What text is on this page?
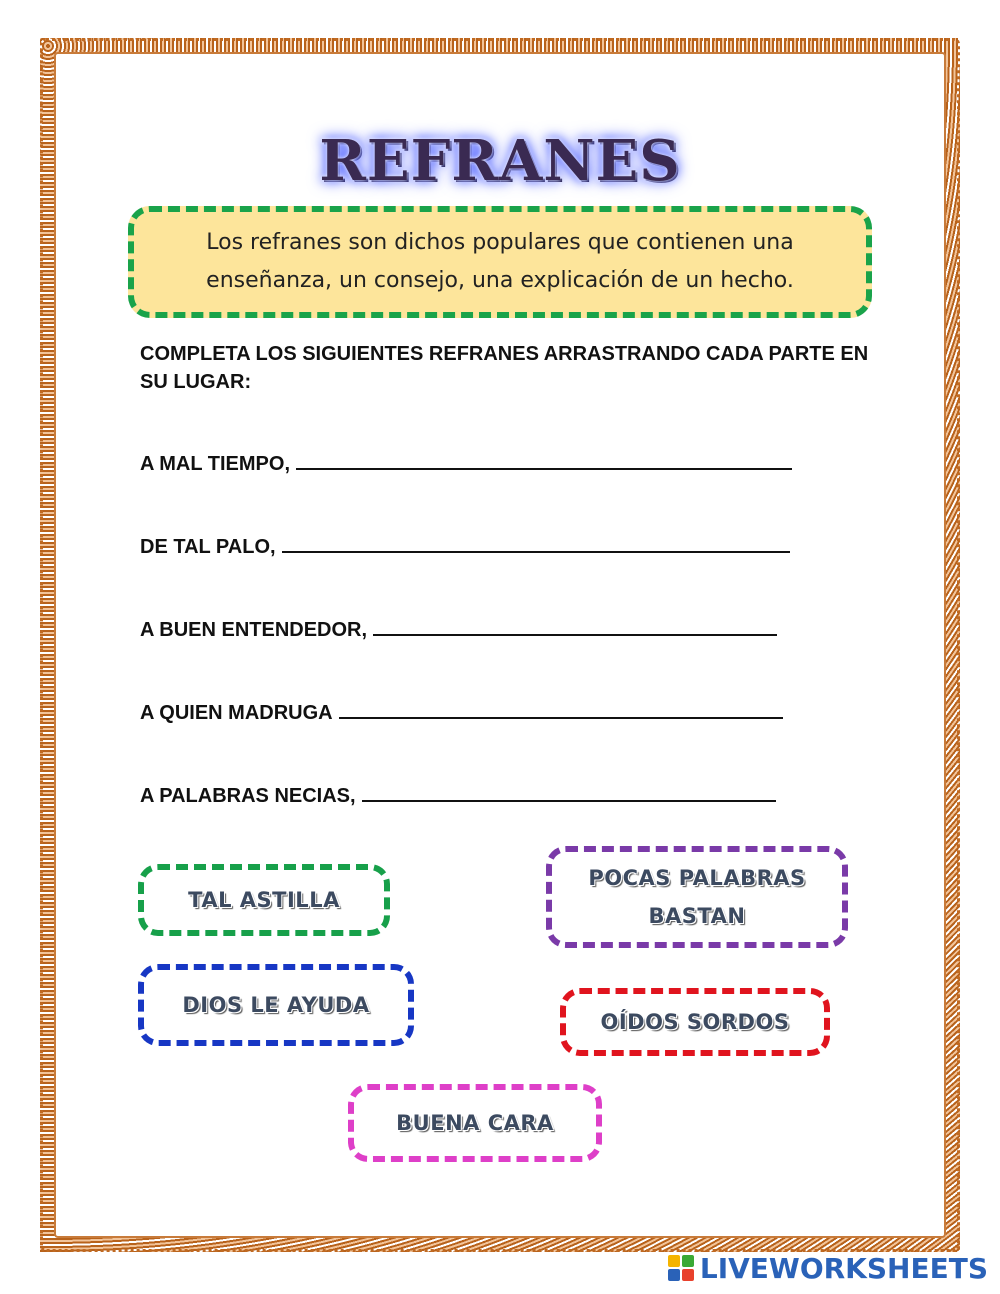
REFRANES
Los refranes son dichos populares que contienen una enseñanza, un consejo, una explicación de un hecho.
COMPLETA LOS SIGUIENTES REFRANES ARRASTRANDO CADA PARTE EN SU LUGAR:
A MAL TIEMPO,
DE TAL PALO,
A BUEN ENTENDEDOR,
A QUIEN MADRUGA
A PALABRAS NECIAS,
TAL ASTILLA
POCAS PALABRAS BASTAN
DIOS LE AYUDA
OÍDOS SORDOS
BUENA CARA
LIVEWORKSHEETS
